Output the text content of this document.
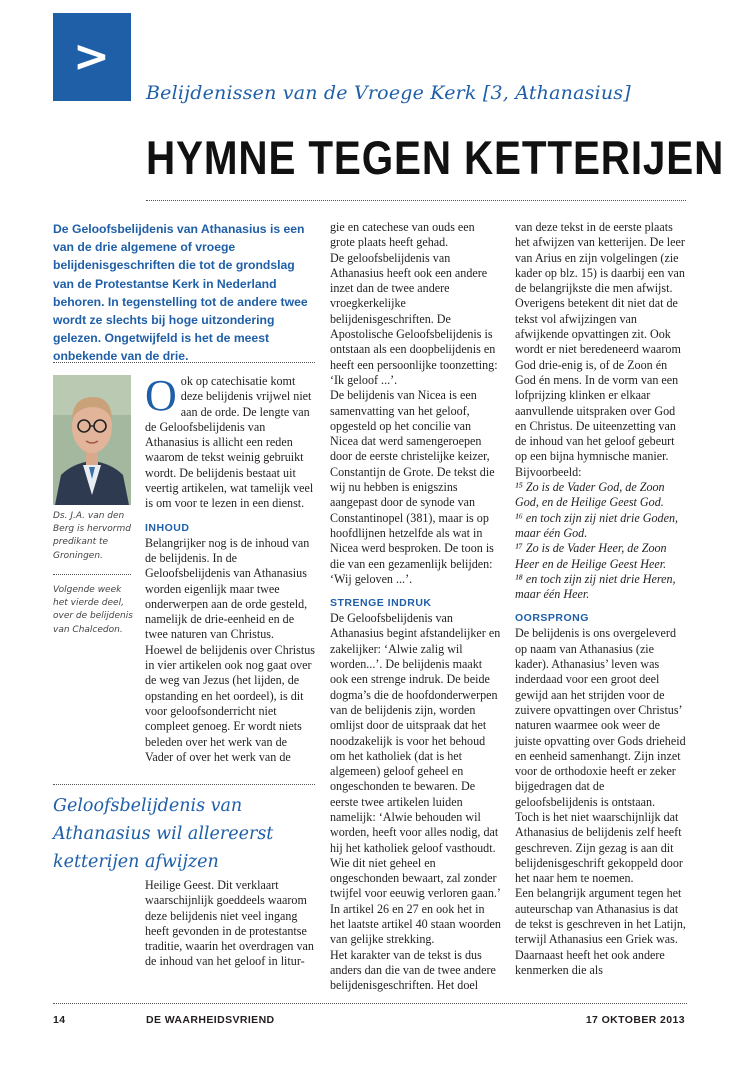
>
Belijdenissen van de Vroege Kerk [3, Athanasius]
HYMNE TEGEN KETTERIJEN

De Geloofsbelijdenis van Athanasius is een van de drie algemene of vroege belijdenisgeschriften die tot de grondslag van de Protestantse Kerk in Nederland behoren. In tegenstelling tot de andere twee wordt ze slechts bij hoge uitzondering gelezen. Ongetwijfeld is het de meest onbekende van de drie.

Ds. J.A. van den Berg is hervormd predikant te Groningen.

Volgende week het vierde deel, over de belijdenis van Chalcedon.

Ook op catechisatie komt deze belijdenis vrijwel niet aan de orde. De lengte van de Geloofsbelijdenis van Athanasius is allicht een reden waarom de tekst weinig gebruikt wordt. De belijdenis bestaat uit veertig artikelen, wat tamelijk veel is om voor te lezen in een dienst.

INHOUD

Belangrijker nog is de inhoud van de belijdenis. In de Geloofsbelijdenis van Athanasius worden eigenlijk maar twee onderwerpen aan de orde gesteld, namelijk de drie-eenheid en de twee naturen van Christus.

Hoewel de belijdenis over Christus in vier artikelen ook nog gaat over de weg van Jezus (het lijden, de opstanding en het oordeel), is dit voor geloofsonderricht niet compleet genoeg. Er wordt niets beleden over het werk van de Vader of over het werk van de

Geloofsbelijdenis van Athanasius wil allereerst ketterijen afwijzen

Heilige Geest. Dit verklaart waarschijnlijk goeddeels waarom deze belijdenis niet veel ingang heeft gevonden in de protestantse traditie, waarin het overdragen van de inhoud van het geloof in litur-

gie en catechese van ouds een grote plaats heeft gehad.

De geloofsbelijdenis van Athanasius heeft ook een andere inzet dan de twee andere vroegkerkelijke belijdenisgeschriften. De Apostolische Geloofsbelijdenis is ontstaan als een doopbelijdenis en heeft een persoonlijke toonzetting: ‘Ik geloof ...’.

De belijdenis van Nicea is een samenvatting van het geloof, opgesteld op het concilie van Nicea dat werd samengeroepen door de eerste christelijke keizer, Constantijn de Grote. De tekst die wij nu hebben is enigszins aangepast door de synode van Constantinopel (381), maar is op hoofdlijnen hetzelfde als wat in Nicea werd besproken. De toon is die van een gezamenlijk belijden: ‘Wij geloven ...’.

STRENGE INDRUK

De Geloofsbelijdenis van Athanasius begint afstandelijker en zakelijker: ‘Alwie zalig wil worden...’. De belijdenis maakt ook een strenge indruk. De beide dogma’s die de hoofdonderwerpen van de belijdenis zijn, worden omlijst door de uitspraak dat het noodzakelijk is voor het behoud om het katholiek (dat is het algemeen) geloof geheel en ongeschonden te bewaren. De eerste twee artikelen luiden namelijk: ‘Alwie behouden wil worden, heeft voor alles nodig, dat hij het katholiek geloof vasthoudt. Wie dit niet geheel en ongeschonden bewaart, zal zonder twijfel voor eeuwig verloren gaan.’ In artikel 26 en 27 en ook het in het laatste artikel 40 staan woorden van gelijke strekking.

Het karakter van de tekst is dus anders dan die van de twee andere belijdenisgeschriften. Het doel

van deze tekst in de eerste plaats het afwijzen van ketterijen. De leer van Arius en zijn volgelingen (zie kader op blz. 15) is daarbij een van de belangrijkste die men afwijst. Overigens betekent dit niet dat de tekst vol afwijzingen van afwijkende opvattingen zit. Ook wordt er niet beredeneerd waarom God drie-enig is, of de Zoon én God én mens. In de vorm van een lofprijzing klinken er elkaar aanvullende uitspraken over God en Christus. De uiteenzetting van de inhoud van het geloof gebeurt op een bijna hymnische manier. Bijvoorbeeld:

¹⁵ Zo is de Vader God, de Zoon God, en de Heilige Geest God.

¹⁶ en toch zijn zij niet drie Goden, maar één God.

¹⁷ Zo is de Vader Heer, de Zoon Heer en de Heilige Geest Heer.

¹⁸ en toch zijn zij niet drie Heren, maar één Heer.

OORSPRONG

De belijdenis is ons overgeleverd op naam van Athanasius (zie kader). Athanasius’ leven was inderdaad voor een groot deel gewijd aan het strijden voor de zuivere opvattingen over Christus’ naturen waarmee ook weer de juiste opvatting over Gods drieheid en eenheid samenhangt. Zijn inzet voor de orthodoxie heeft er zeker bijgedragen dat de geloofsbelijdenis is ontstaan.

Toch is het niet waarschijnlijk dat Athanasius de belijdenis zelf heeft geschreven. Zijn gezag is aan dit belijdenisgeschrift gekoppeld door het naar hem te noemen.

Een belangrijk argument tegen het auteurschap van Athanasius is dat de tekst is geschreven in het Latijn, terwijl Athanasius een Griek was. Daarnaast heeft het ook andere kenmerken die als

14	DE WAARHEIDSVRIEND	17 OKTOBER 2013
